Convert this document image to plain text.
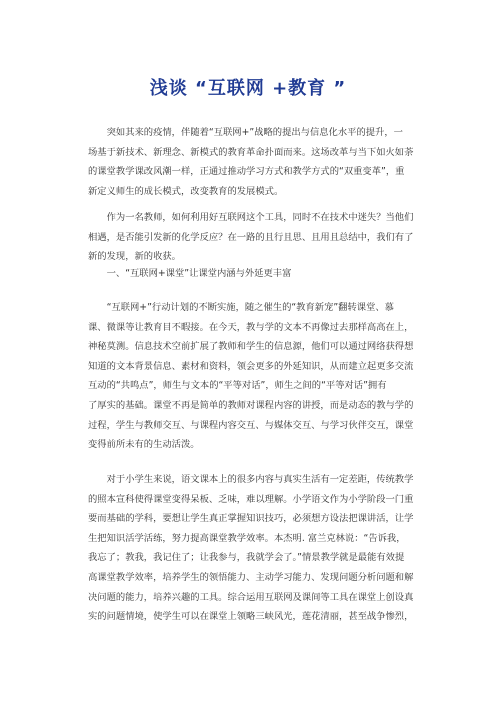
浅谈 “互联网 +教育 ”
　　突如其来的疫情，伴随着“互联网+”战略的提出与信息化水平的提升，一
场基于新技术、新理念、新模式的教育革命扑面而来。这场改革与当下如火如荼
的课堂教学课改风潮一样，正通过推动学习方式和教学方式的“双重变革”，重
新定义师生的成长模式，改变教育的发展模式。
　　作为一名教师，如何利用好互联网这个工具，同时不在技术中迷失？当他们
相遇，是否能引发新的化学反应？在一路的且行且思、且用且总结中，我们有了
新的发现，新的收获。
　　一、“互联网+课堂”让课堂内涵与外延更丰富
　　“互联网+”行动计划的不断实施，随之催生的“教育新宠”翻转课堂、慕
课、微课等让教育目不暇接。在今天，教与学的文本不再像过去那样高高在上，
神秘莫测。信息技术空前扩展了教师和学生的信息源，他们可以通过网络获得想
知道的文本背景信息、素材和资料，领会更多的外延知识，从而建立起更多交流
互动的“共鸣点”，师生与文本的“平等对话”，师生之间的“平等对话”拥有
了厚实的基础。课堂不再是简单的教师对课程内容的讲授，而是动态的教与学的
过程，学生与教师交互、与课程内容交互、与媒体交互、与学习伙伴交互，课堂
变得前所未有的生动活泼。
　　对于小学生来说，语文课本上的很多内容与真实生活有一定差距，传统教学
的照本宣科使得课堂变得呆板、乏味，难以理解。小学语文作为小学阶段一门重
要而基础的学科，要想让学生真正掌握知识技巧，必须想方设法把课讲活，让学
生把知识活学活练，努力提高课堂教学效率。本杰明. 富兰克林说：“告诉我，
我忘了；教我，我记住了；让我参与，我就学会了。”情景教学就是最能有效提
高课堂教学效率，培养学生的领悟能力、主动学习能力、发现问题分析问题和解
决问题的能力，培养兴趣的工具。综合运用互联网及课间等工具在课堂上创设真
实的问题情境，使学生可以在课堂上领略三峡风光，莲花清丽，甚至战争惨烈，
